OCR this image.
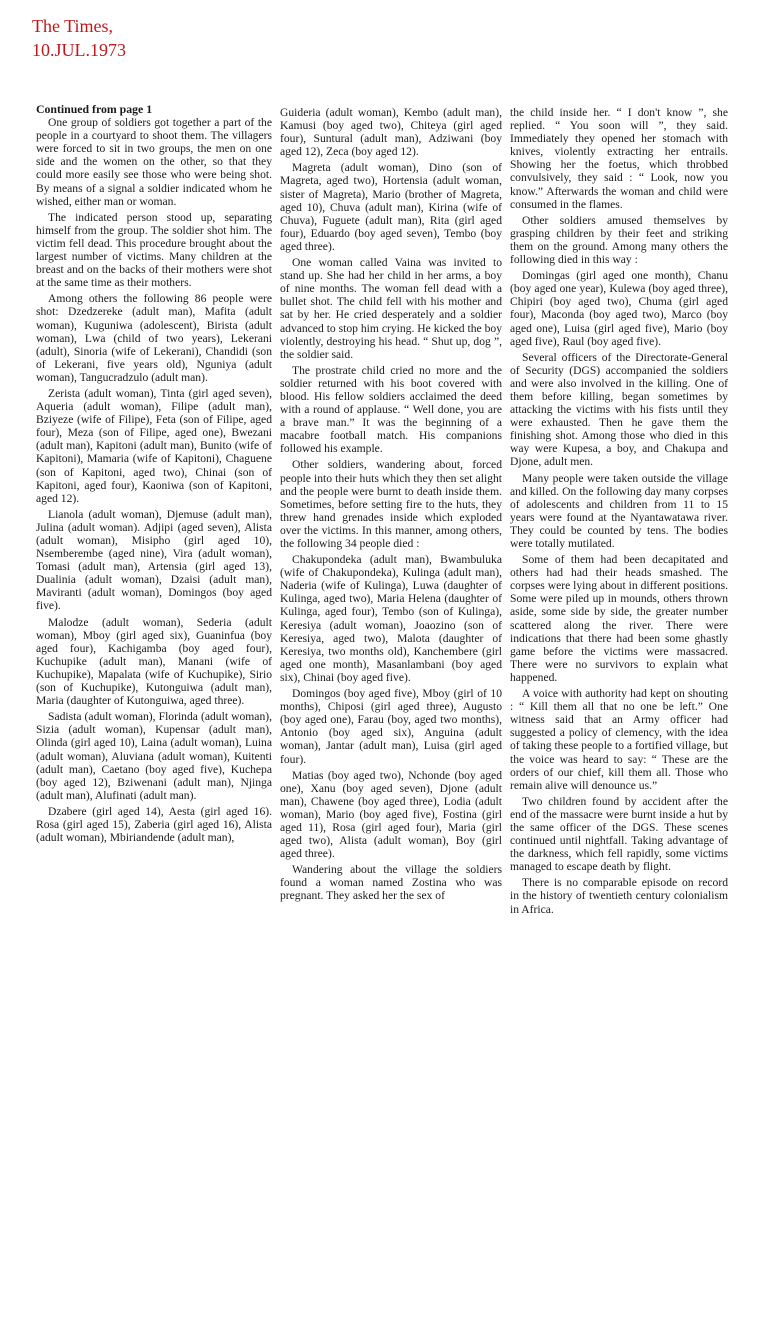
The Times,
10.JUL.1973
Continued from page 1

One group of soldiers got together a part of the people in a courtyard to shoot them. The villagers were forced to sit in two groups, the men on one side and the women on the other, so that they could more easily see those who were being shot. By means of a signal a soldier indicated whom he wished, either man or woman.

The indicated person stood up, separating himself from the group. The soldier shot him. The victim fell dead. This procedure brought about the largest number of victims. Many children at the breast and on the backs of their mothers were shot at the same time as their mothers.

Among others the following 86 people were shot: Dzedzereke (adult man), Mafita (adult woman), Kuguniwa (adolescent), Birista (adult woman), Lwa (child of two years), Lekerani (adult), Sinoria (wife of Lekerani), Chandidi (son of Lekerani, five years old), Nguniya (adult woman), Tangucradzulo (adult man).

Zerista (adult woman), Tinta (girl aged seven), Aqueria (adult woman), Filipe (adult man), Bziyeze (wife of Filipe), Feta (son of Filipe, aged four), Meza (son of Filipe, aged one), Bwezani (adult man), Kapitoni (adult man), Bunito (wife of Kapitoni), Mamaria (wife of Kapitoni), Chaguene (son of Kapitoni, aged two), Chinai (son of Kapitoni, aged four), Kaoniwa (son of Kapitoni, aged 12).

Lianola (adult woman), Djemuse (adult man), Julina (adult woman). Adjipi (aged seven), Alista (adult woman), Misipho (girl aged 10), Nsemberembe (aged nine), Vira (adult woman), Tomasi (adult man), Artensia (girl aged 13), Dualinia (adult woman), Dzaisi (adult man), Maviranti (adult woman), Domingos (boy aged five).

Malodze (adult woman), Sederia (adult woman), Mboy (girl aged six), Guaninfua (boy aged four), Kachigamba (boy aged four), Kuchupike (adult man), Manani (wife of Kuchupike), Mapalata (wife of Kuchupike), Sirio (son of Kuchupike), Kutonguiwa (adult man), Maria (daughter of Kutonguiwa, aged three).

Sadista (adult woman), Florinda (adult woman), Sizia (adult woman), Kupensar (adult man), Olinda (girl aged 10), Laina (adult woman), Luina (adult woman), Aluviana (adult woman), Kuitenti (adult man), Caetano (boy aged five), Kuchepa (boy aged 12), Bziwenani (adult man), Njinga (adult man), Alufinati (adult man).

Dzabere (girl aged 14), Aesta (girl aged 16). Rosa (girl aged 15), Zaberia (girl aged 16), Alista (adult woman), Mbiriandende (adult man),

Guideria (adult woman), Kembo (adult man), Kamusi (boy aged two), Chiteya (girl aged four), Suntural (adult man), Adziwani (boy aged 12), Zeca (boy aged 12).

Magreta (adult woman), Dino (son of Magreta, aged two), Hortensia (adult woman, sister of Magreta), Mario (brother of Magreta, aged 10), Chuva (adult man), Kirina (wife of Chuva), Fuguete (adult man), Rita (girl aged four), Eduardo (boy aged seven), Tembo (boy aged three).

One woman called Vaina was invited to stand up. She had her child in her arms, a boy of nine months. The woman fell dead with a bullet shot. The child fell with his mother and sat by her. He cried desperately and a soldier advanced to stop him crying. He kicked the boy violently, destroying his head. “ Shut up, dog ”, the soldier said.

The prostrate child cried no more and the soldier returned with his boot covered with blood. His fellow soldiers acclaimed the deed with a round of applause. “ Well done, you are a brave man.” It was the beginning of a macabre football match. His companions followed his example.

Other soldiers, wandering about, forced people into their huts which they then set alight and the people were burnt to death inside them. Sometimes, before setting fire to the huts, they threw hand grenades inside which exploded over the victims. In this manner, among others, the following 34 people died :

Chakupondeka (adult man), Bwambuluka (wife of Chakupondeka), Kulinga (adult man), Naderia (wife of Kulinga), Luwa (daughter of Kulinga, aged two), Maria Helena (daughter of Kulinga, aged four), Tembo (son of Kulinga), Keresiya (adult woman), Joaozino (son of Keresiya, aged two), Malota (daughter of Keresiya, two months old), Kanchembere (girl aged one month), Masanlambani (boy aged six), Chinai (boy aged five).

Domingos (boy aged five), Mboy (girl of 10 months), Chiposi (girl aged three), Augusto (boy aged one), Farau (boy, aged two months), Antonio (boy aged six), Anguina (adult woman), Jantar (adult man), Luisa (girl aged four).

Matias (boy aged two), Nchonde (boy aged one), Xanu (boy aged seven), Djone (adult man), Chawene (boy aged three), Lodia (adult woman), Mario (boy aged five), Fostina (girl aged 11), Rosa (girl aged four), Maria (girl aged two), Alista (adult woman), Boy (girl aged three).

Wandering about the village the soldiers found a woman named Zostina who was pregnant. They asked her the sex of

the child inside her. “ I don't know ”, she replied. “ You soon will ”, they said. Immediately they opened her stomach with knives, violently extracting her entrails. Showing her the foetus, which throbbed convulsively, they said : “ Look, now you know.” Afterwards the woman and child were consumed in the flames.

Other soldiers amused themselves by grasping children by their feet and striking them on the ground. Among many others the following died in this way :

Domingas (girl aged one month), Chanu (boy aged one year), Kulewa (boy aged three), Chipiri (boy aged two), Chuma (girl aged four), Maconda (boy aged two), Marco (boy aged one), Luisa (girl aged five), Mario (boy aged five), Raul (boy aged five).

Several officers of the Directorate-General of Security (DGS) accompanied the soldiers and were also involved in the killing. One of them before killing, began sometimes by attacking the victims with his fists until they were exhausted. Then he gave them the finishing shot. Among those who died in this way were Kupesa, a boy, and Chakupa and Djone, adult men.

Many people were taken outside the village and killed. On the following day many corpses of adolescents and children from 11 to 15 years were found at the Nyantawatawa river. They could be counted by tens. The bodies were totally mutilated.

Some of them had been decapitated and others had had their heads smashed. The corpses were lying about in different positions. Some were piled up in mounds, others thrown aside, some side by side, the greater number scattered along the river. There were indications that there had been some ghastly game before the victims were massacred. There were no survivors to explain what happened.

A voice with authority had kept on shouting : “ Kill them all that no one be left.” One witness said that an Army officer had suggested a policy of clemency, with the idea of taking these people to a fortified village, but the voice was heard to say: “ These are the orders of our chief, kill them all. Those who remain alive will denounce us.”

Two children found by accident after the end of the massacre were burnt inside a hut by the same officer of the DGS. These scenes continued until nightfall. Taking advantage of the darkness, which fell rapidly, some victims managed to escape death by flight.

There is no comparable episode on record in the history of twentieth century colonialism in Africa.
